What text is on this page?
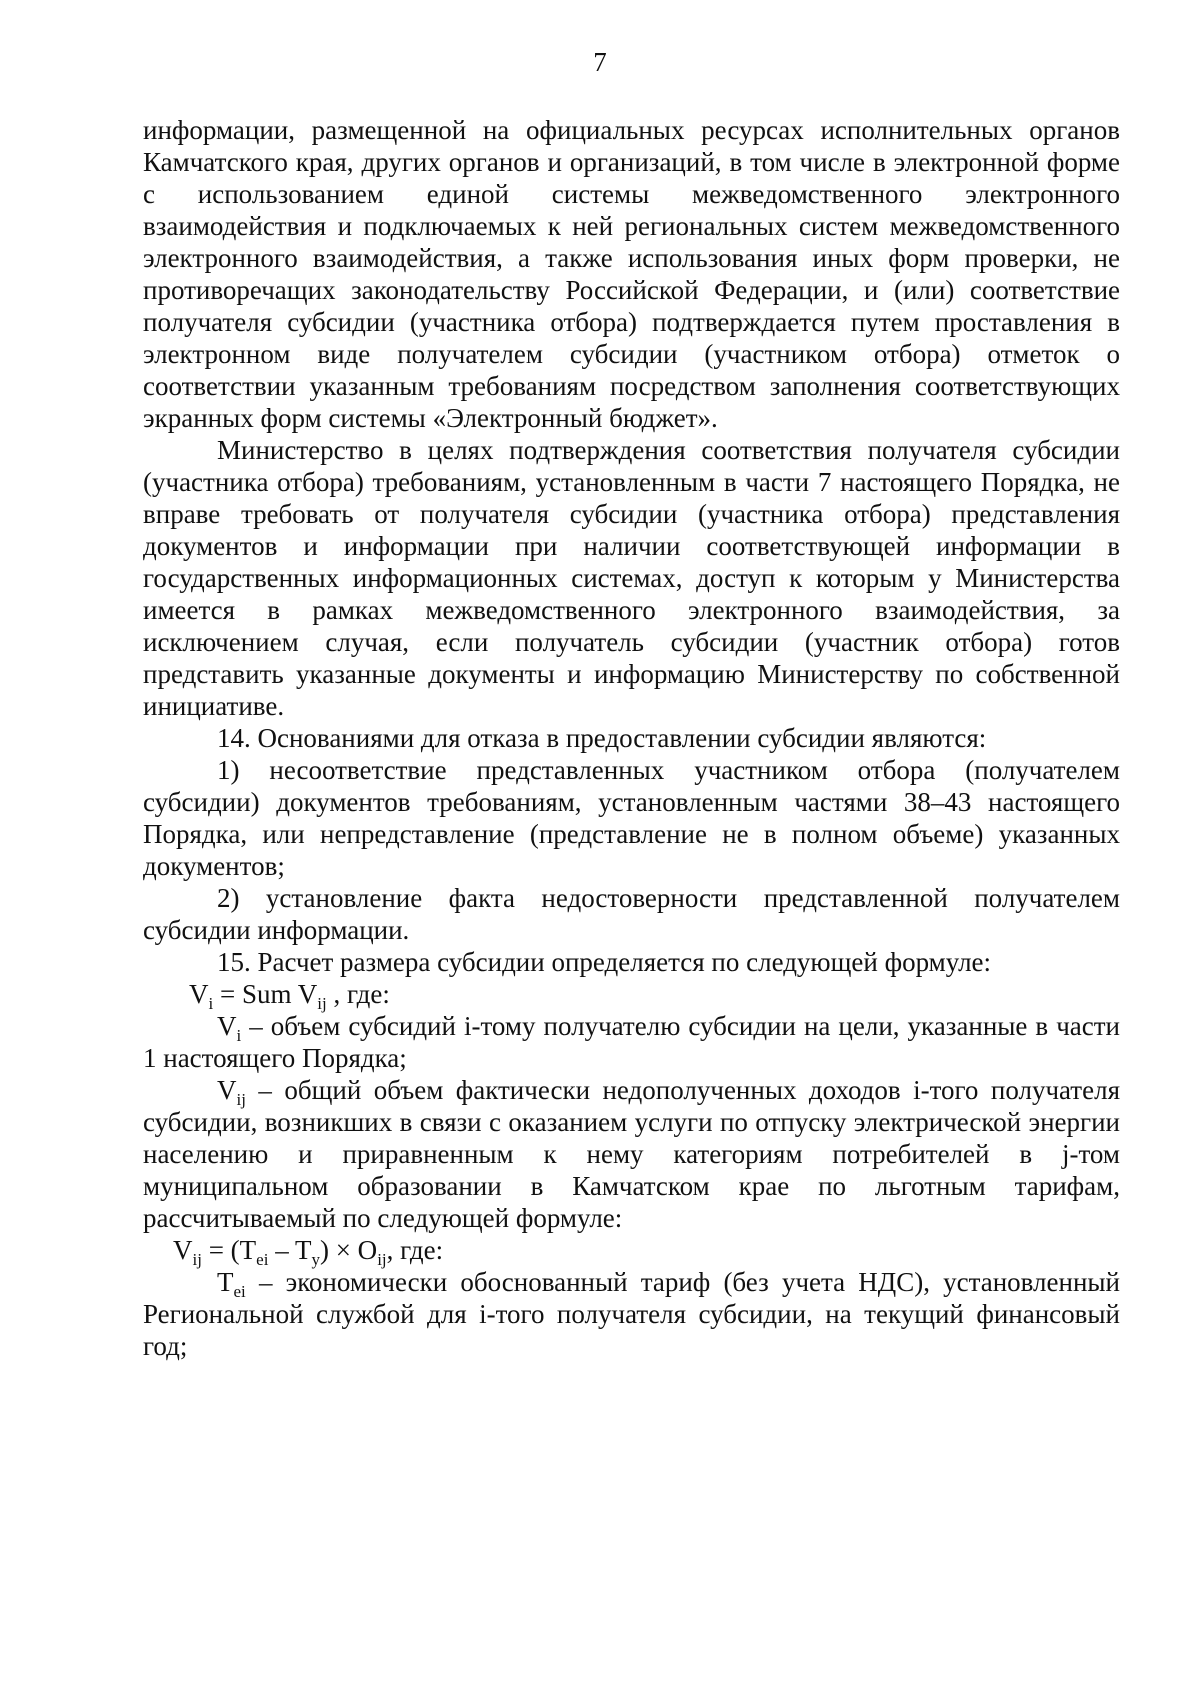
7

информации, размещенной на официальных ресурсах исполнительных органов Камчатского края, других органов и организаций, в том числе в электронной форме с использованием единой системы межведомственного электронного взаимодействия и подключаемых к ней региональных систем межведомственного электронного взаимодействия, а также использования иных форм проверки, не противоречащих законодательству Российской Федерации, и (или) соответствие получателя субсидии (участника отбора) подтверждается путем проставления в электронном виде получателем субсидии (участником отбора) отметок о соответствии указанным требованиям посредством заполнения соответствующих экранных форм системы «Электронный бюджет».

Министерство в целях подтверждения соответствия получателя субсидии (участника отбора) требованиям, установленным в части 7 настоящего Порядка, не вправе требовать от получателя субсидии (участника отбора) представления документов и информации при наличии соответствующей информации в государственных информационных системах, доступ к которым у Министерства имеется в рамках межведомственного электронного взаимодействия, за исключением случая, если получатель субсидии (участник отбора) готов представить указанные документы и информацию Министерству по собственной инициативе.

14. Основаниями для отказа в предоставлении субсидии являются:

1) несоответствие представленных участником отбора (получателем субсидии) документов требованиям, установленным частями 38–43 настоящего Порядка, или непредставление (представление не в полном объеме) указанных документов;

2) установление факта недостоверности представленной получателем субсидии информации.

15. Расчет размера субсидии определяется по следующей формуле:

$V_i$ = Sum $V_{ij}$ , где:

$V_i$ – объем субсидий i-тому получателю субсидии на цели, указанные в части 1 настоящего Порядка;

$V_{ij}$ – общий объем фактически недополученных доходов i-того получателя субсидии, возникших в связи с оказанием услуги по отпуску электрической энергии населению и приравненным к нему категориям потребителей в j-том муниципальном образовании в Камчатском крае по льготным тарифам, рассчитываемый по следующей формуле:

$V_{ij} = (T_{ei} - T_y) \times O_{ij}$, где:

$T_{ei}$ – экономически обоснованный тариф (без учета НДС), установленный Региональной службой для i-того получателя субсидии, на текущий финансовый год;
